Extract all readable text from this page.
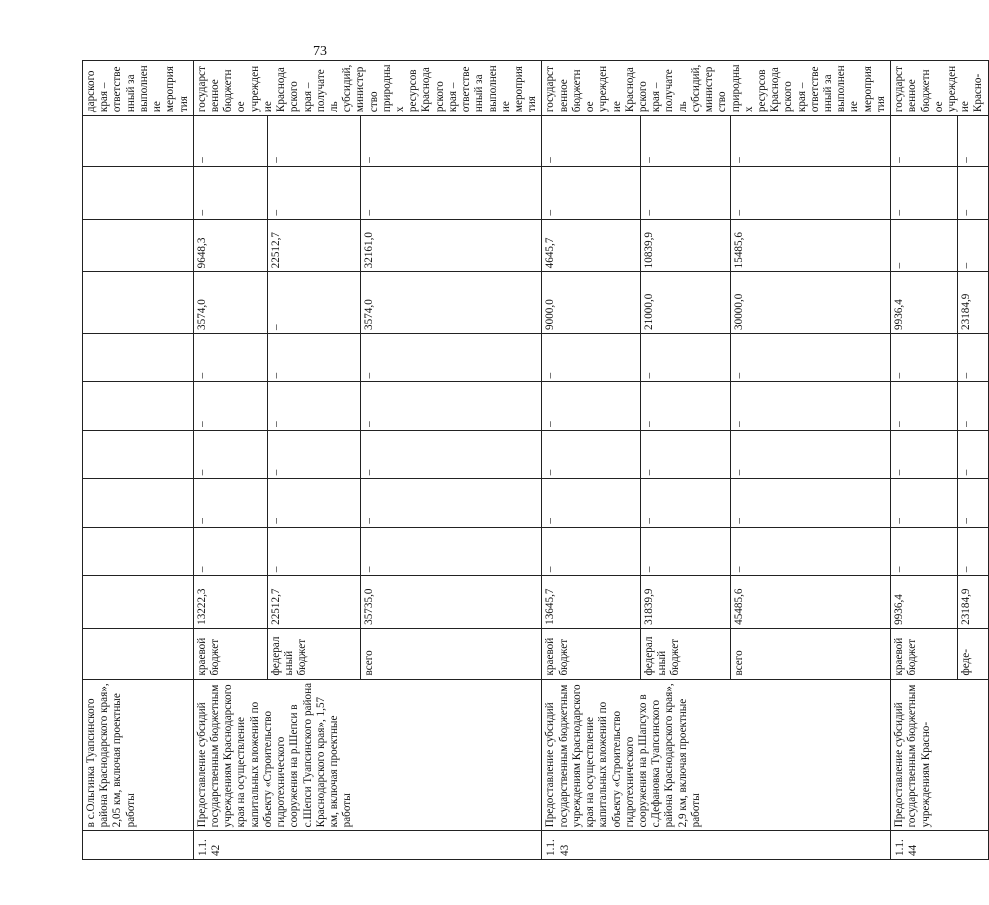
73

	в с.Ольгинка Туапсинского района Краснодарского края», 2,05 км, включая проектные работы												дарского края – ответственный за выполнение мероприятия

1.1.42	Предоставление субсидий государственным бюджетным учреждениям Краснодарского края на осуществление капитальных вложений по объекту «Строительство гидротехнического сооружения на р.Шепси в с.Шепси Туапсинского района Краснодарского края», 1,57 км, включая проектные работы	краевой бюджет	13222,3	–	–	–	–	–	3574,0	9648,3	–	–	государственное бюджетное учреждение Краснодарского края – получатель субсидий, министерство природных ресурсов Краснодарского края – ответственный за выполнение мероприятия
		федеральный бюджет	22512,7	–	–	–	–	–	–	22512,7	–	–	
		всего	35735,0	–	–	–	–	–	3574,0	32161,0	–	–	
1.1.43	Предоставление субсидий государственным бюджетным учреждениям Краснодарского края на осуществление капитальных вложений по объекту «Строительство гидротехнического сооружения на р.Шапсухо в с.Дефановка Туапсинского района Краснодарского края», 2,9 км, включая проектные работы	краевой бюджет	13645,7	–	–	–	–	–	9000,0	4645,7	–	–	государственное бюджетное учреждение Краснодарского края – получатель субсидий, министерство природных ресурсов Краснодарского края – ответственный за выполнение мероприятия
		федеральный бюджет	31839,9	–	–	–	–	–	21000,0	10839,9	–	–	
		всего	45485,6	–	–	–	–	–	30000,0	15485,6	–	–	
1.1.44	Предоставление субсидий государственным бюджетным учреждениям Красно-	краевой бюджет	9936,4	–	–	–	–	–	9936,4	–	–	–	государственное бюджетное учреждение Красно-
		феде-	23184,9	–	–	–	–	–	23184,9	–	–	–	
